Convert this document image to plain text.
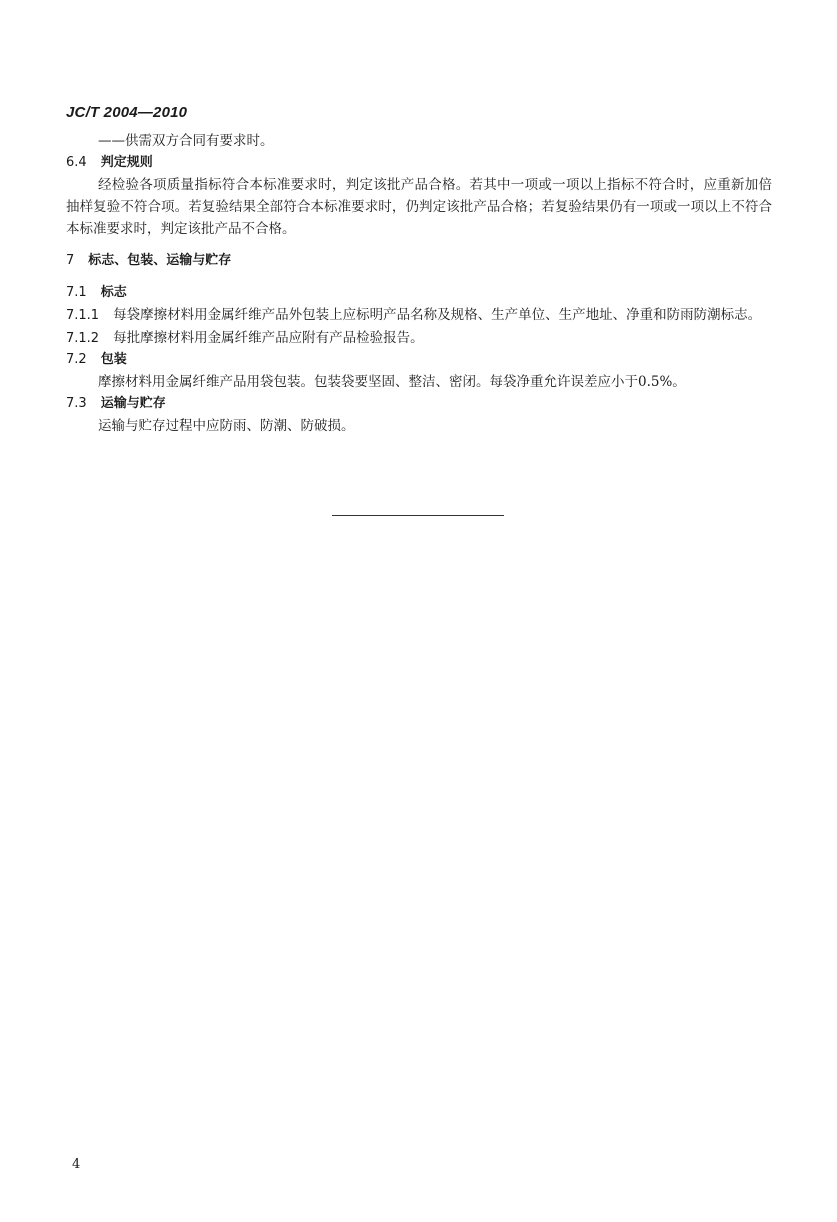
JC/T 2004—2010
——供需双方合同有要求时。
6.4 判定规则
经检验各项质量指标符合本标准要求时，判定该批产品合格。若其中一项或一项以上指标不符合时，应重新加倍抽样复验不符合项。若复验结果全部符合本标准要求时，仍判定该批产品合格；若复验结果仍有一项或一项以上不符合本标准要求时，判定该批产品不合格。
7 标志、包装、运输与贮存
7.1 标志
7.1.1 每袋摩擦材料用金属纤维产品外包装上应标明产品名称及规格、生产单位、生产地址、净重和防雨防潮标志。
7.1.2 每批摩擦材料用金属纤维产品应附有产品检验报告。
7.2 包装
摩擦材料用金属纤维产品用袋包装。包装袋要坚固、整洁、密闭。每袋净重允许误差应小于0.5%。
7.3 运输与贮存
运输与贮存过程中应防雨、防潮、防破损。
4
